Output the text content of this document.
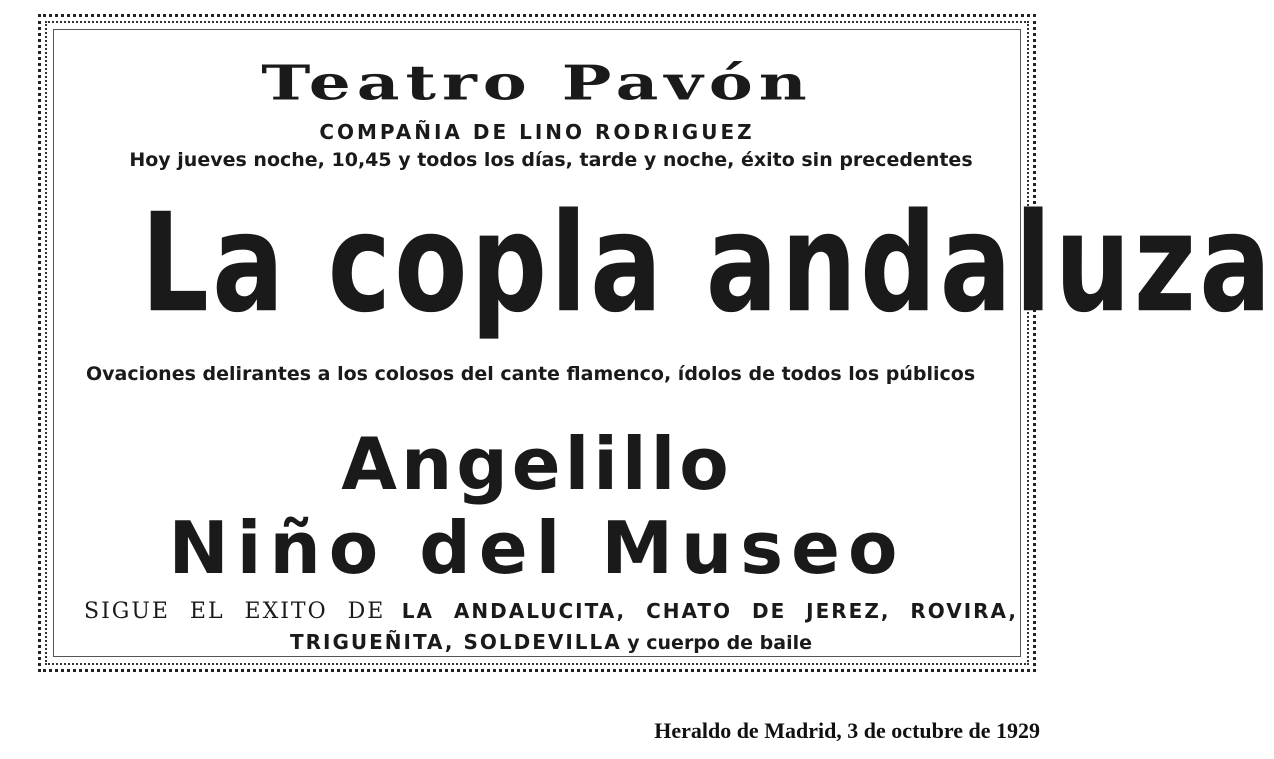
Teatro Pavón
COMPAÑIA DE LINO RODRIGUEZ
Hoy jueves noche, 10,45 y todos los días, tarde y noche, éxito sin precedentes
La copla andaluza
Ovaciones delirantes a los colosos del cante flamenco, ídolos de todos los públicos
Angelillo
Niño del Museo
SIGUE EL EXITO DE LA ANDALUCITA, CHATO DE JEREZ, ROVIRA, TRIGUEÑITA, SOLDEVILLA y cuerpo de baile
Heraldo de Madrid, 3 de octubre de 1929
